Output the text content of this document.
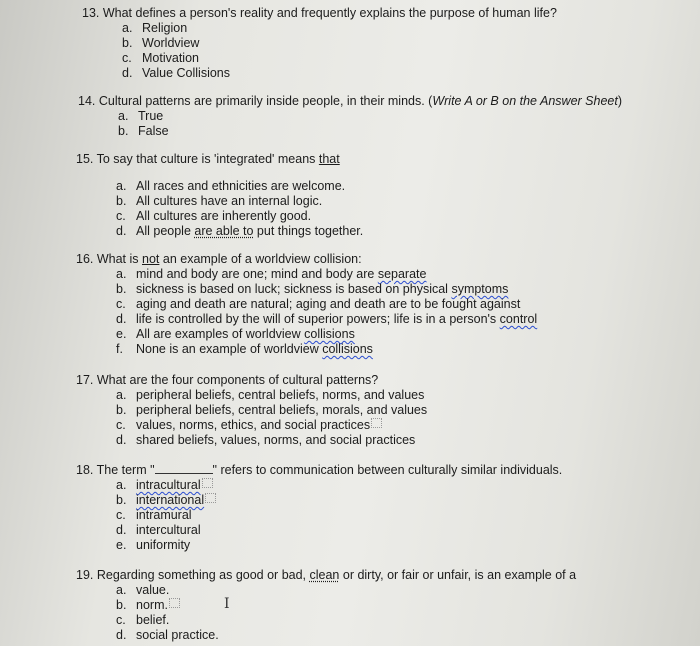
13. What defines a person's reality and frequently explains the purpose of human life?
a. Religion
b. Worldview
c. Motivation
d. Value Collisions
14. Cultural patterns are primarily inside people, in their minds. (Write A or B on the Answer Sheet)
a. True
b. False
15. To say that culture is 'integrated' means that
a. All races and ethnicities are welcome.
b. All cultures have an internal logic.
c. All cultures are inherently good.
d. All people are able to put things together.
16. What is not an example of a worldview collision:
a. mind and body are one; mind and body are separate
b. sickness is based on luck; sickness is based on physical symptoms
c. aging and death are natural; aging and death are to be fought against
d. life is controlled by the will of superior powers; life is in a person's control
e. All are examples of worldview collisions
f.	None is an example of worldview collisions
17. What are the four components of cultural patterns?
a. peripheral beliefs, central beliefs, norms, and values
b. peripheral beliefs, central beliefs, morals, and values
c. values, norms, ethics, and social practices
d. shared beliefs, values, norms, and social practices
18. The term "	" refers to communication between culturally similar individuals.
a. intracultural
b. international
c. intramural
d. intercultural
e. uniformity
19. Regarding something as good or bad, clean or dirty, or fair or unfair, is an example of a
a. value.
b. norm.
c. belief.
d. social practice.
I
